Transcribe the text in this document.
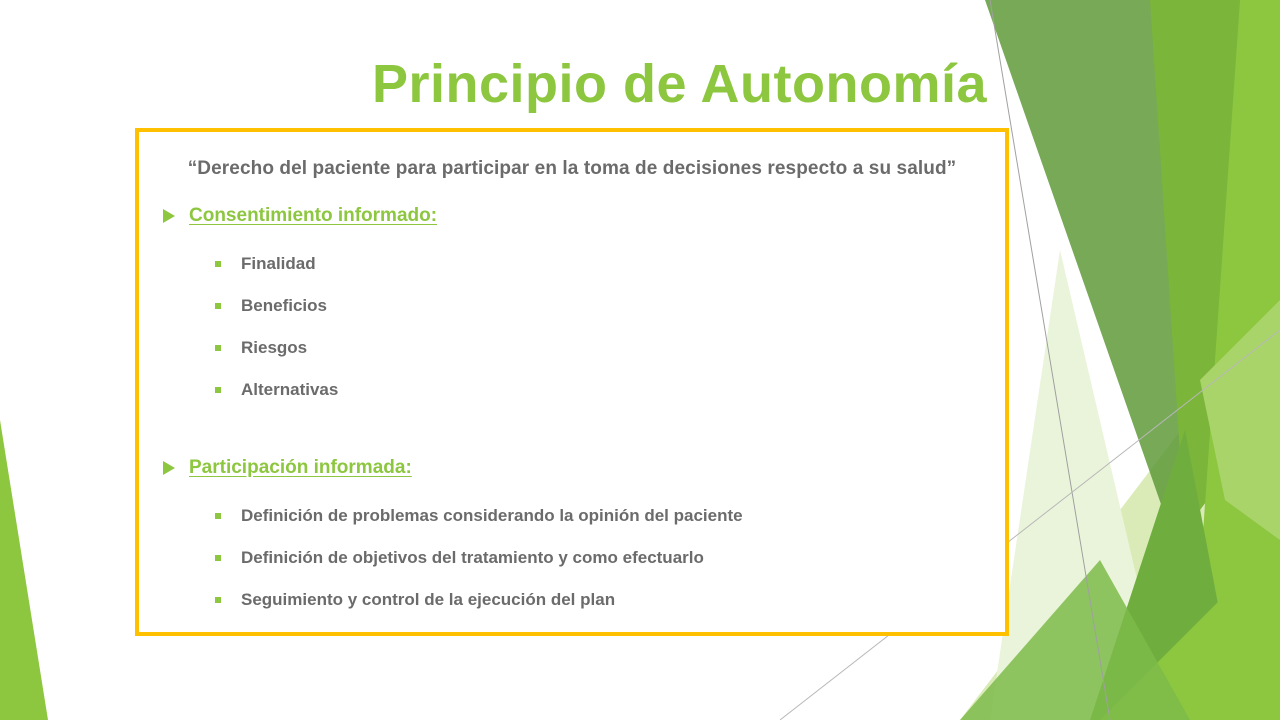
Principio de Autonomía
“Derecho del paciente para participar en la toma de decisiones respecto a su salud”
Consentimiento informado:
Finalidad
Beneficios
Riesgos
Alternativas
Participación informada:
Definición de problemas considerando la opinión del paciente
Definición de objetivos del tratamiento y como efectuarlo
Seguimiento y control de la ejecución del plan
